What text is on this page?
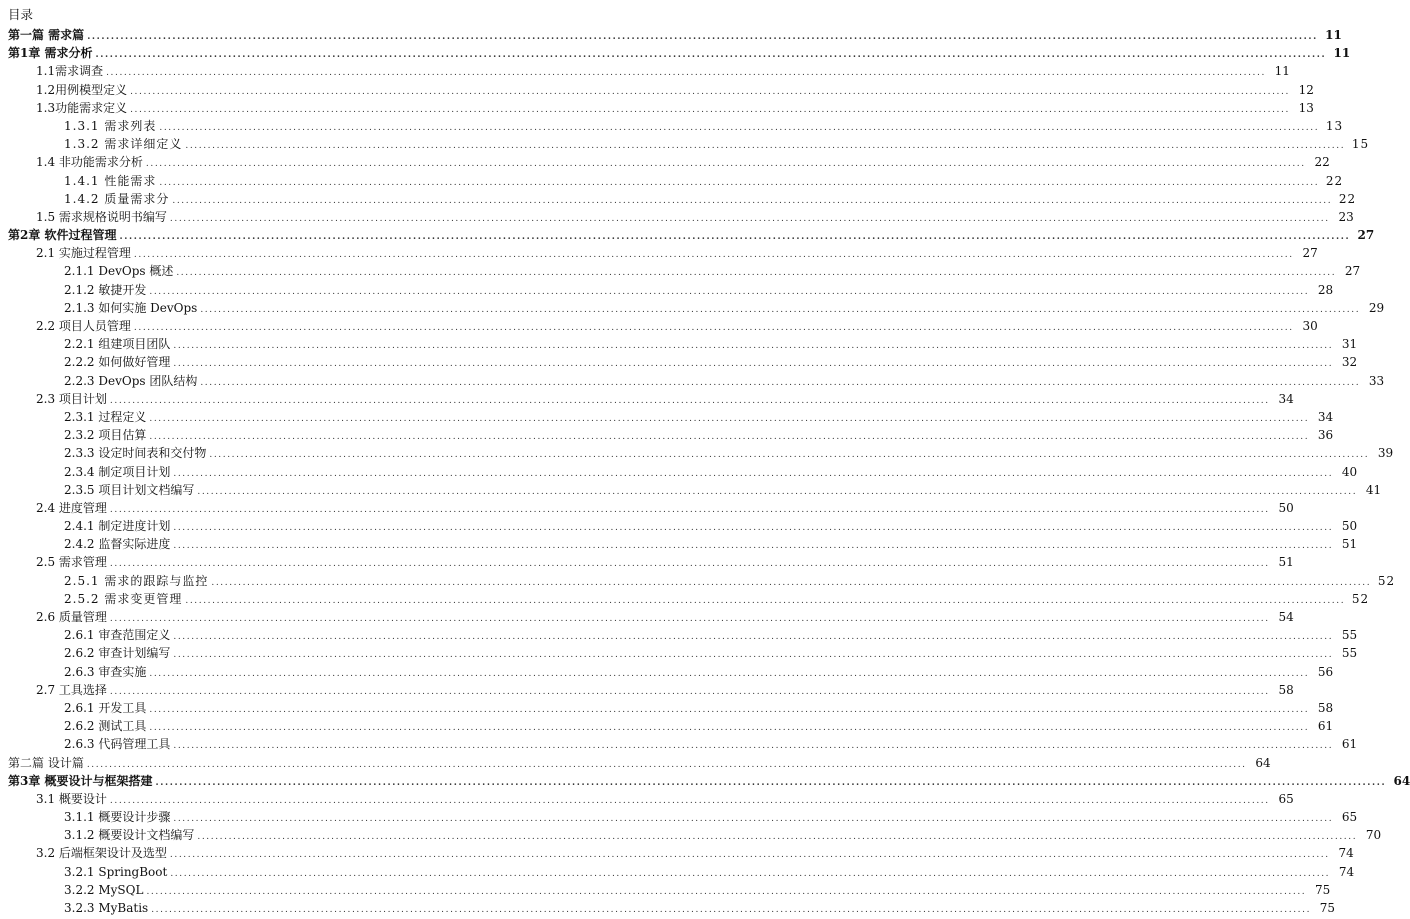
目录
第一篇 需求篇 .................................................................................................................................................................................................................................................................... 11
第1章 需求分析 .................................................................................................................................................................................................................................................................... 11
1.1需求调查 .................................................................................................................................................................................................................................................................... 11
1.2用例模型定义 .................................................................................................................................................................................................................................................................... 12
1.3功能需求定义 .................................................................................................................................................................................................................................................................... 13
1.3.1 需求列表 .................................................................................................................................................................................................................................................................... 13
1.3.2 需求详细定义 .................................................................................................................................................................................................................................................................... 15
1.4 非功能需求分析 .................................................................................................................................................................................................................................................................... 22
1.4.1 性能需求 .................................................................................................................................................................................................................................................................... 22
1.4.2 质量需求分 .................................................................................................................................................................................................................................................................... 22
1.5 需求规格说明书编写 .................................................................................................................................................................................................................................................................... 23
第2章 软件过程管理 .................................................................................................................................................................................................................................................................... 27
2.1 实施过程管理 .................................................................................................................................................................................................................................................................... 27
2.1.1 DevOps 概述 .................................................................................................................................................................................................................................................................... 27
2.1.2 敏捷开发 .................................................................................................................................................................................................................................................................... 28
2.1.3 如何实施 DevOps .................................................................................................................................................................................................................................................................... 29
2.2 项目人员管理 .................................................................................................................................................................................................................................................................... 30
2.2.1 组建项目团队 .................................................................................................................................................................................................................................................................... 31
2.2.2 如何做好管理 .................................................................................................................................................................................................................................................................... 32
2.2.3 DevOps 团队结构 .................................................................................................................................................................................................................................................................... 33
2.3 项目计划 .................................................................................................................................................................................................................................................................... 34
2.3.1 过程定义 .................................................................................................................................................................................................................................................................... 34
2.3.2 项目估算 .................................................................................................................................................................................................................................................................... 36
2.3.3 设定时间表和交付物 .................................................................................................................................................................................................................................................................... 39
2.3.4 制定项目计划 .................................................................................................................................................................................................................................................................... 40
2.3.5 项目计划文档编写 .................................................................................................................................................................................................................................................................... 41
2.4 进度管理 .................................................................................................................................................................................................................................................................... 50
2.4.1 制定进度计划 .................................................................................................................................................................................................................................................................... 50
2.4.2 监督实际进度 .................................................................................................................................................................................................................................................................... 51
2.5 需求管理 .................................................................................................................................................................................................................................................................... 51
2.5.1 需求的跟踪与监控 .................................................................................................................................................................................................................................................................... 52
2.5.2 需求变更管理 .................................................................................................................................................................................................................................................................... 52
2.6 质量管理 .................................................................................................................................................................................................................................................................... 54
2.6.1 审查范围定义 .................................................................................................................................................................................................................................................................... 55
2.6.2 审查计划编写 .................................................................................................................................................................................................................................................................... 55
2.6.3 审查实施 .................................................................................................................................................................................................................................................................... 56
2.7 工具选择 .................................................................................................................................................................................................................................................................... 58
2.6.1 开发工具 .................................................................................................................................................................................................................................................................... 58
2.6.2 测试工具 .................................................................................................................................................................................................................................................................... 61
2.6.3 代码管理工具 .................................................................................................................................................................................................................................................................... 61
第二篇 设计篇 .................................................................................................................................................................................................................................................................... 64
第3章 概要设计与框架搭建 .................................................................................................................................................................................................................................................................... 64
3.1 概要设计 .................................................................................................................................................................................................................................................................... 65
3.1.1 概要设计步骤 .................................................................................................................................................................................................................................................................... 65
3.1.2 概要设计文档编写 .................................................................................................................................................................................................................................................................... 70
3.2 后端框架设计及选型 .................................................................................................................................................................................................................................................................... 74
3.2.1 SpringBoot .................................................................................................................................................................................................................................................................... 74
3.2.2 MySQL .................................................................................................................................................................................................................................................................... 75
3.2.3 MyBatis .................................................................................................................................................................................................................................................................... 75
